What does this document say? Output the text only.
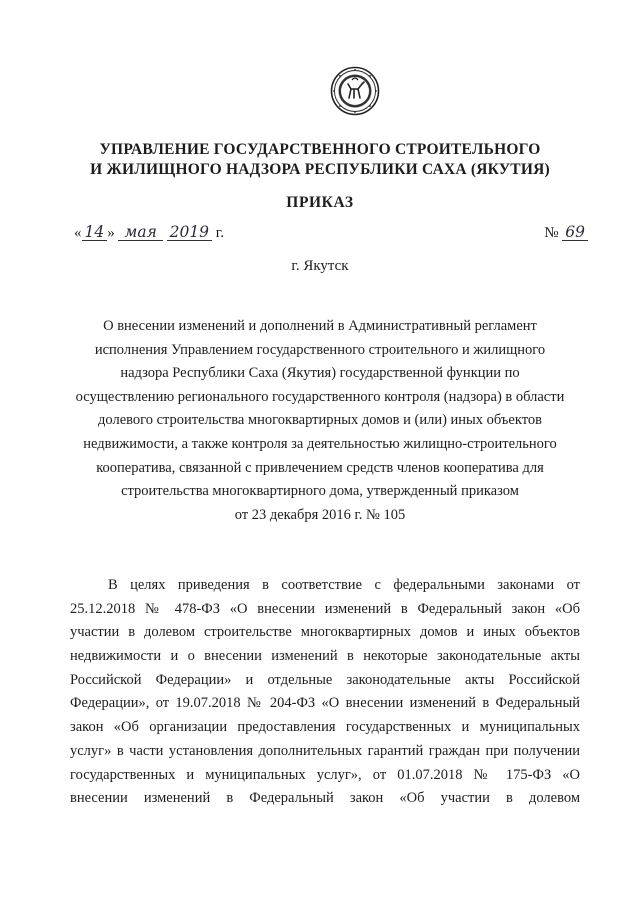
УПРАВЛЕНИЕ ГОСУДАРСТВЕННОГО СТРОИТЕЛЬНОГО
И ЖИЛИЩНОГО НАДЗОРА РЕСПУБЛИКИ САХА (ЯКУТИЯ)
ПРИКАЗ
« 14 » мая 2019 г.	№ 69
г. Якутск
О внесении изменений и дополнений в Административный регламент
исполнения Управлением государственного строительного и жилищного
надзора Республики Саха (Якутия) государственной функции по
осуществлению регионального государственного контроля (надзора) в области
долевого строительства многоквартирных домов и (или) иных объектов
недвижимости, а также контроля за деятельностью жилищно-строительного
кооператива, связанной с привлечением средств членов кооператива для
строительства многоквартирного дома, утвержденный приказом
от 23 декабря 2016 г. № 105
В целях приведения в соответствие с федеральными законами от
25.12.2018 № 478-ФЗ «О внесении изменений в Федеральный закон «Об
участии в долевом строительстве многоквартирных домов и иных объектов
недвижимости и о внесении изменений в некоторые законодательные акты
Российской Федерации» и отдельные законодательные акты Российской
Федерации», от 19.07.2018 № 204-ФЗ «О внесении изменений в Федеральный
закон «Об организации предоставления государственных и муниципальных
услуг» в части установления дополнительных гарантий граждан при получении
государственных и муниципальных услуг», от 01.07.2018 № 175-ФЗ «О
внесении изменений в Федеральный закон «Об участии в долевом
